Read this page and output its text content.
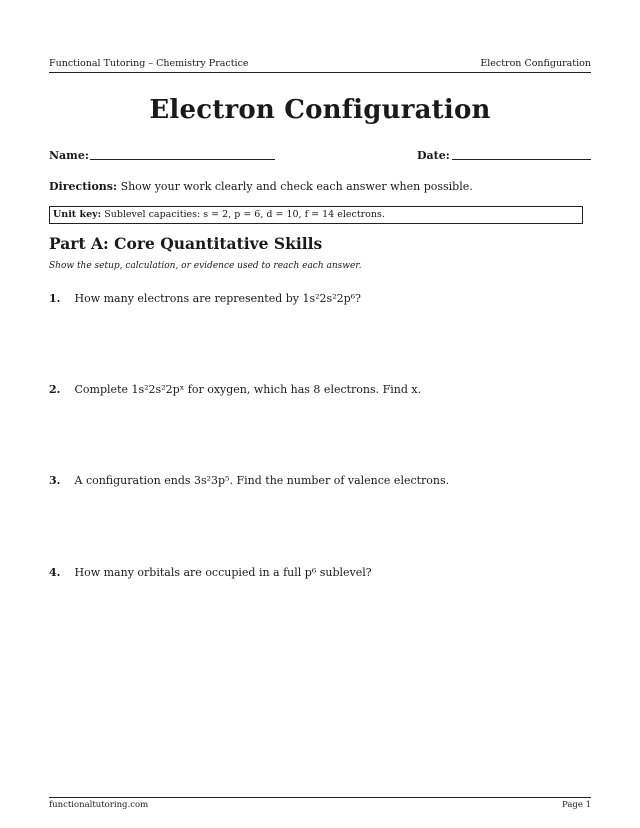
Functional Tutoring – Chemistry Practice	Electron Configuration
Electron Configuration
Name:	Date:
Directions: Show your work clearly and check each answer when possible.
Unit key: Sublevel capacities: s = 2, p = 6, d = 10, f = 14 electrons.
Part A: Core Quantitative Skills
Show the setup, calculation, or evidence used to reach each answer.
1. How many electrons are represented by 1s²2s²2p⁶?
2. Complete 1s²2s²2pˣ for oxygen, which has 8 electrons. Find x.
3. A configuration ends 3s²3p⁵. Find the number of valence electrons.
4. How many orbitals are occupied in a full p⁶ sublevel?
functionaltutoring.com	Page 1
